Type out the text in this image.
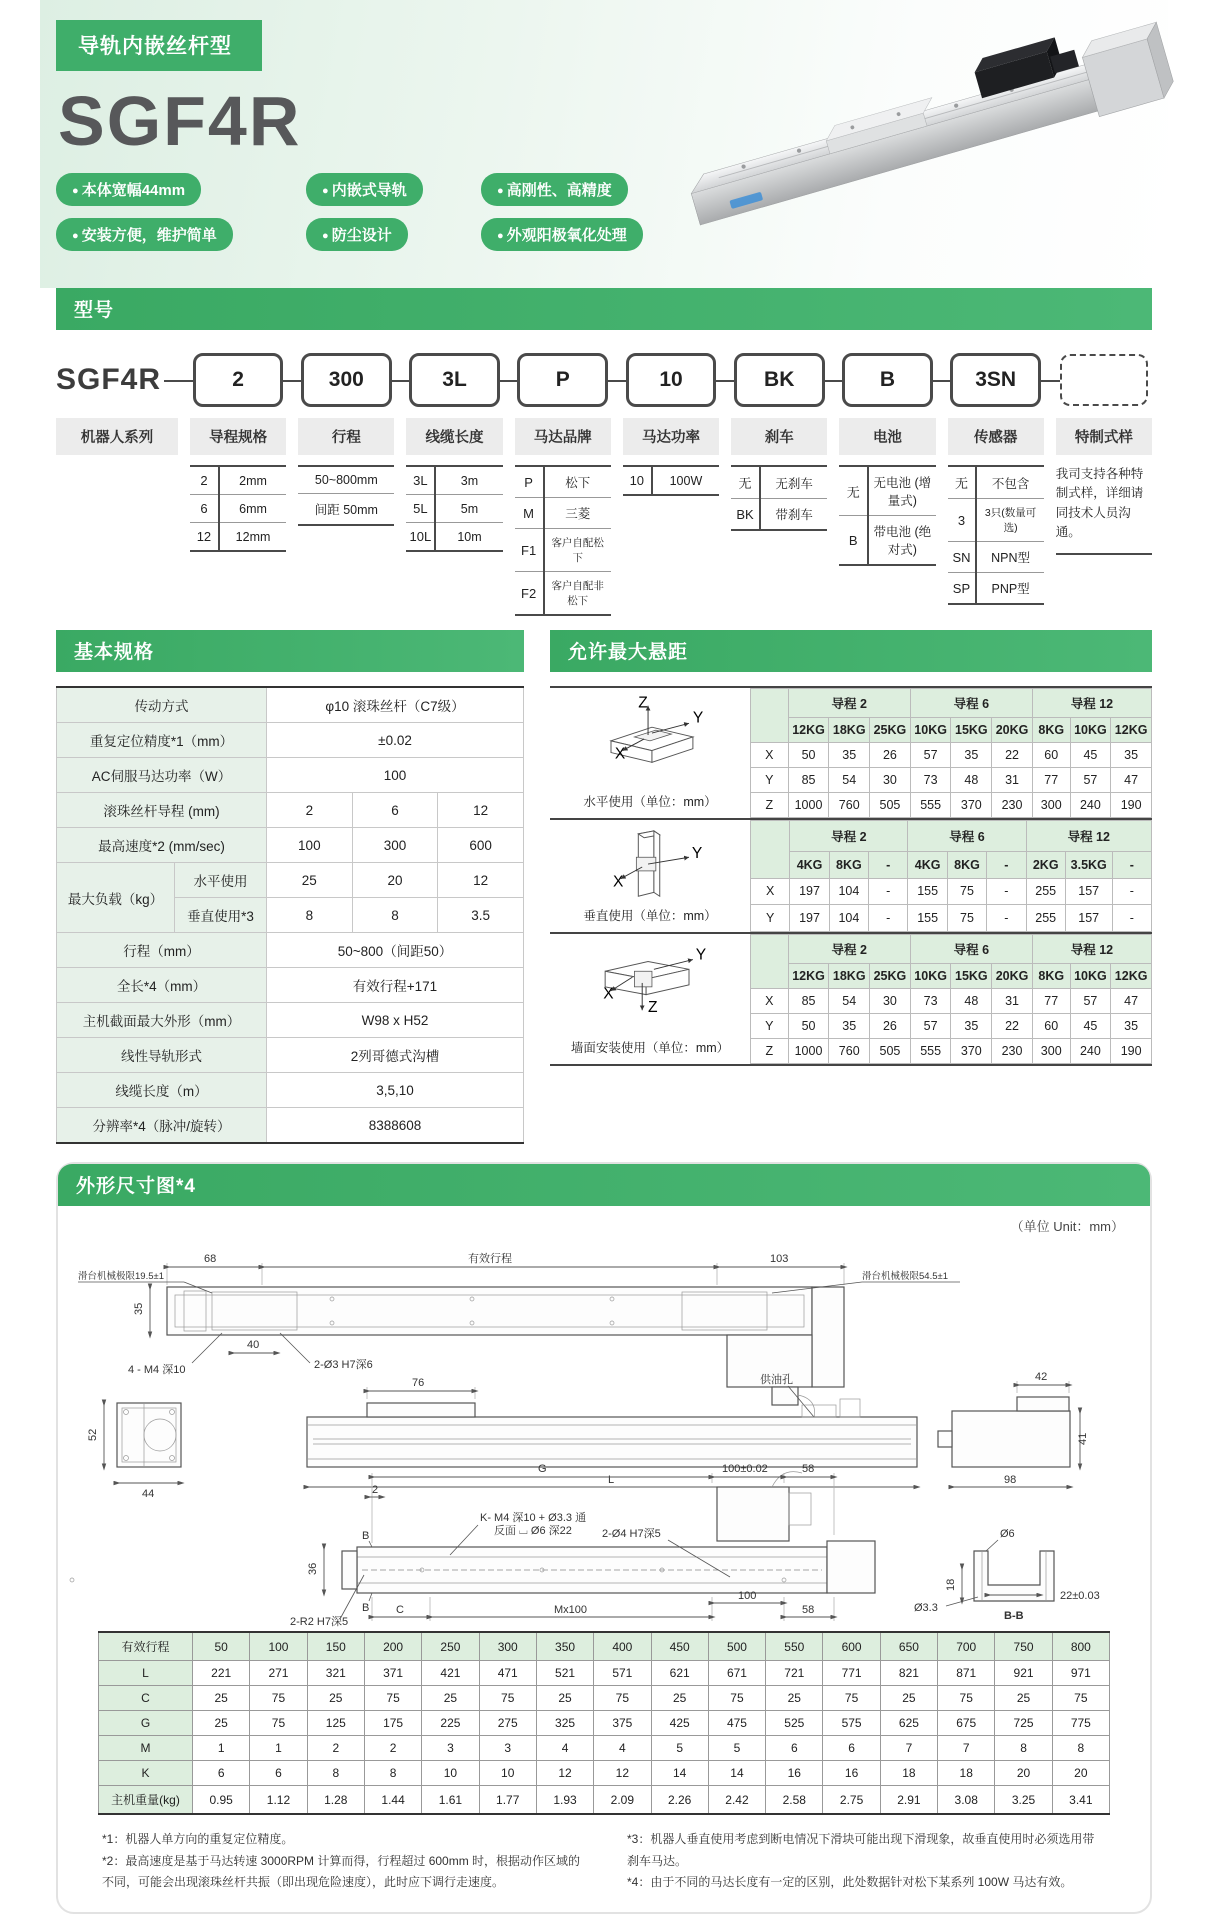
导轨内嵌丝杆型
SGF4R
● 本体宽幅44mm	● 内嵌式导轨	● 高刚性、高精度
● 安装方便，维护简单	● 防尘设计	● 外观阳极氧化处理
型号
SGF4R	2	300	3L	P	10	BK	B	3SN
机器人系列	导程规格
2	2mm
6	6mm
12	12mm
行程
50~800mm
间距 50mm
线缆长度
3L	3m
5L	5m
10L	10m
马达品牌
P	松下
M	三菱
F1	客户自配松下
F2	客户自配非松下
马达功率
10	100W
刹车
无	无刹车
BK	带刹车
电池
无	无电池 (增量式)
B	带电池 (绝对式)
传感器
无	不包含
3	3只(数量可选)
SN	NPN型
SP	PNP型
特制式样
我司支持各种特制式样，详细请同技术人员沟通。
基本规格
传动方式		φ10 滚珠丝杆（C7级）		
重复定位精度*1（mm）		±0.02		
AC伺服马达功率（W）		100		
滚珠丝杆导程 (mm)		2	6	12
最高速度*2 (mm/sec)		100	300	600
最大负载（kg）	水平使用	25	20	12
	垂直使用*3	8	8	3.5
行程（mm）		50~800（间距50）		
全长*4（mm）		有效行程+171		
主机截面最大外形（mm）		W98 x H52		
线性导轨形式		2列哥德式沟槽		
线缆长度（m）		3,5,10		
分辨率*4（脉冲/旋转）		8388608		
允许最大悬距
Z
Y
X
水平使用（单位：mm）
	导程 2			导程 6			导程 12		
	12KG	18KG	25KG	10KG	15KG	20KG	8KG	10KG	12KG
X	50	35	26	57	35	22	60	45	35
Y	85	54	30	73	48	31	77	57	47
Z	1000	760	505	555	370	230	300	240	190
Y
X
垂直使用（单位：mm）
	导程 2			导程 6			导程 12		
	4KG	8KG	-	4KG	8KG	-	2KG	3.5KG	-
X	197	104	-	155	75	-	255	157	-
Y	197	104	-	155	75	-	255	157	-
Y
Z
X
墙面安装使用（单位：mm）
	导程 2			导程 6			导程 12		
	12KG	18KG	25KG	10KG	15KG	20KG	8KG	10KG	12KG
X	85	54	30	73	48	31	77	57	47
Y	50	35	26	57	35	22	60	45	35
Z	1000	760	505	555	370	230	300	240	190
外形尺寸图*4
（单位 Unit：mm）
68	有效行程	103
35
滑台机械极限19.5±1	滑台机械极限54.5±1
40
4 - M4 深10	2-Ø3 H7深6
52
44
76	供油孔	42
L	98
41
G	100±0.02	58
2
B
B
36
K- M4 深10 + Ø3.3 通
反面 ⌴ Ø6 深22	2-Ø4 H7深5
100
C	Mx100	58
2-R2 H7深5
Ø6
18
Ø3.3
22±0.03
B-B
有效行程	50	100	150	200	250	300	350	400	450	500	550	600	650	700	750	800
L	221	271	321	371	421	471	521	571	621	671	721	771	821	871	921	971
C	25	75	25	75	25	75	25	75	25	75	25	75	25	75	25	75
G	25	75	125	175	225	275	325	375	425	475	525	575	625	675	725	775
M	1	1	2	2	3	3	4	4	5	5	6	6	7	7	8	8
K	6	6	8	8	10	10	12	12	14	14	16	16	18	18	20	20
主机重量(kg)	0.95	1.12	1.28	1.44	1.61	1.77	1.93	2.09	2.26	2.42	2.58	2.75	2.91	3.08	3.25	3.41
*1：机器人单方向的重复定位精度。
*2：最高速度是基于马达转速 3000RPM 计算而得，行程超过 600mm 时，根据动作区域的不同，可能会出现滚珠丝杆共振（即出现危险速度），此时应下调行走速度。
*3：机器人垂直使用考虑到断电情况下滑块可能出现下滑现象，故垂直使用时必须选用带刹车马达。
*4：由于不同的马达长度有一定的区别，此处数据针对松下某系列 100W 马达有效。
